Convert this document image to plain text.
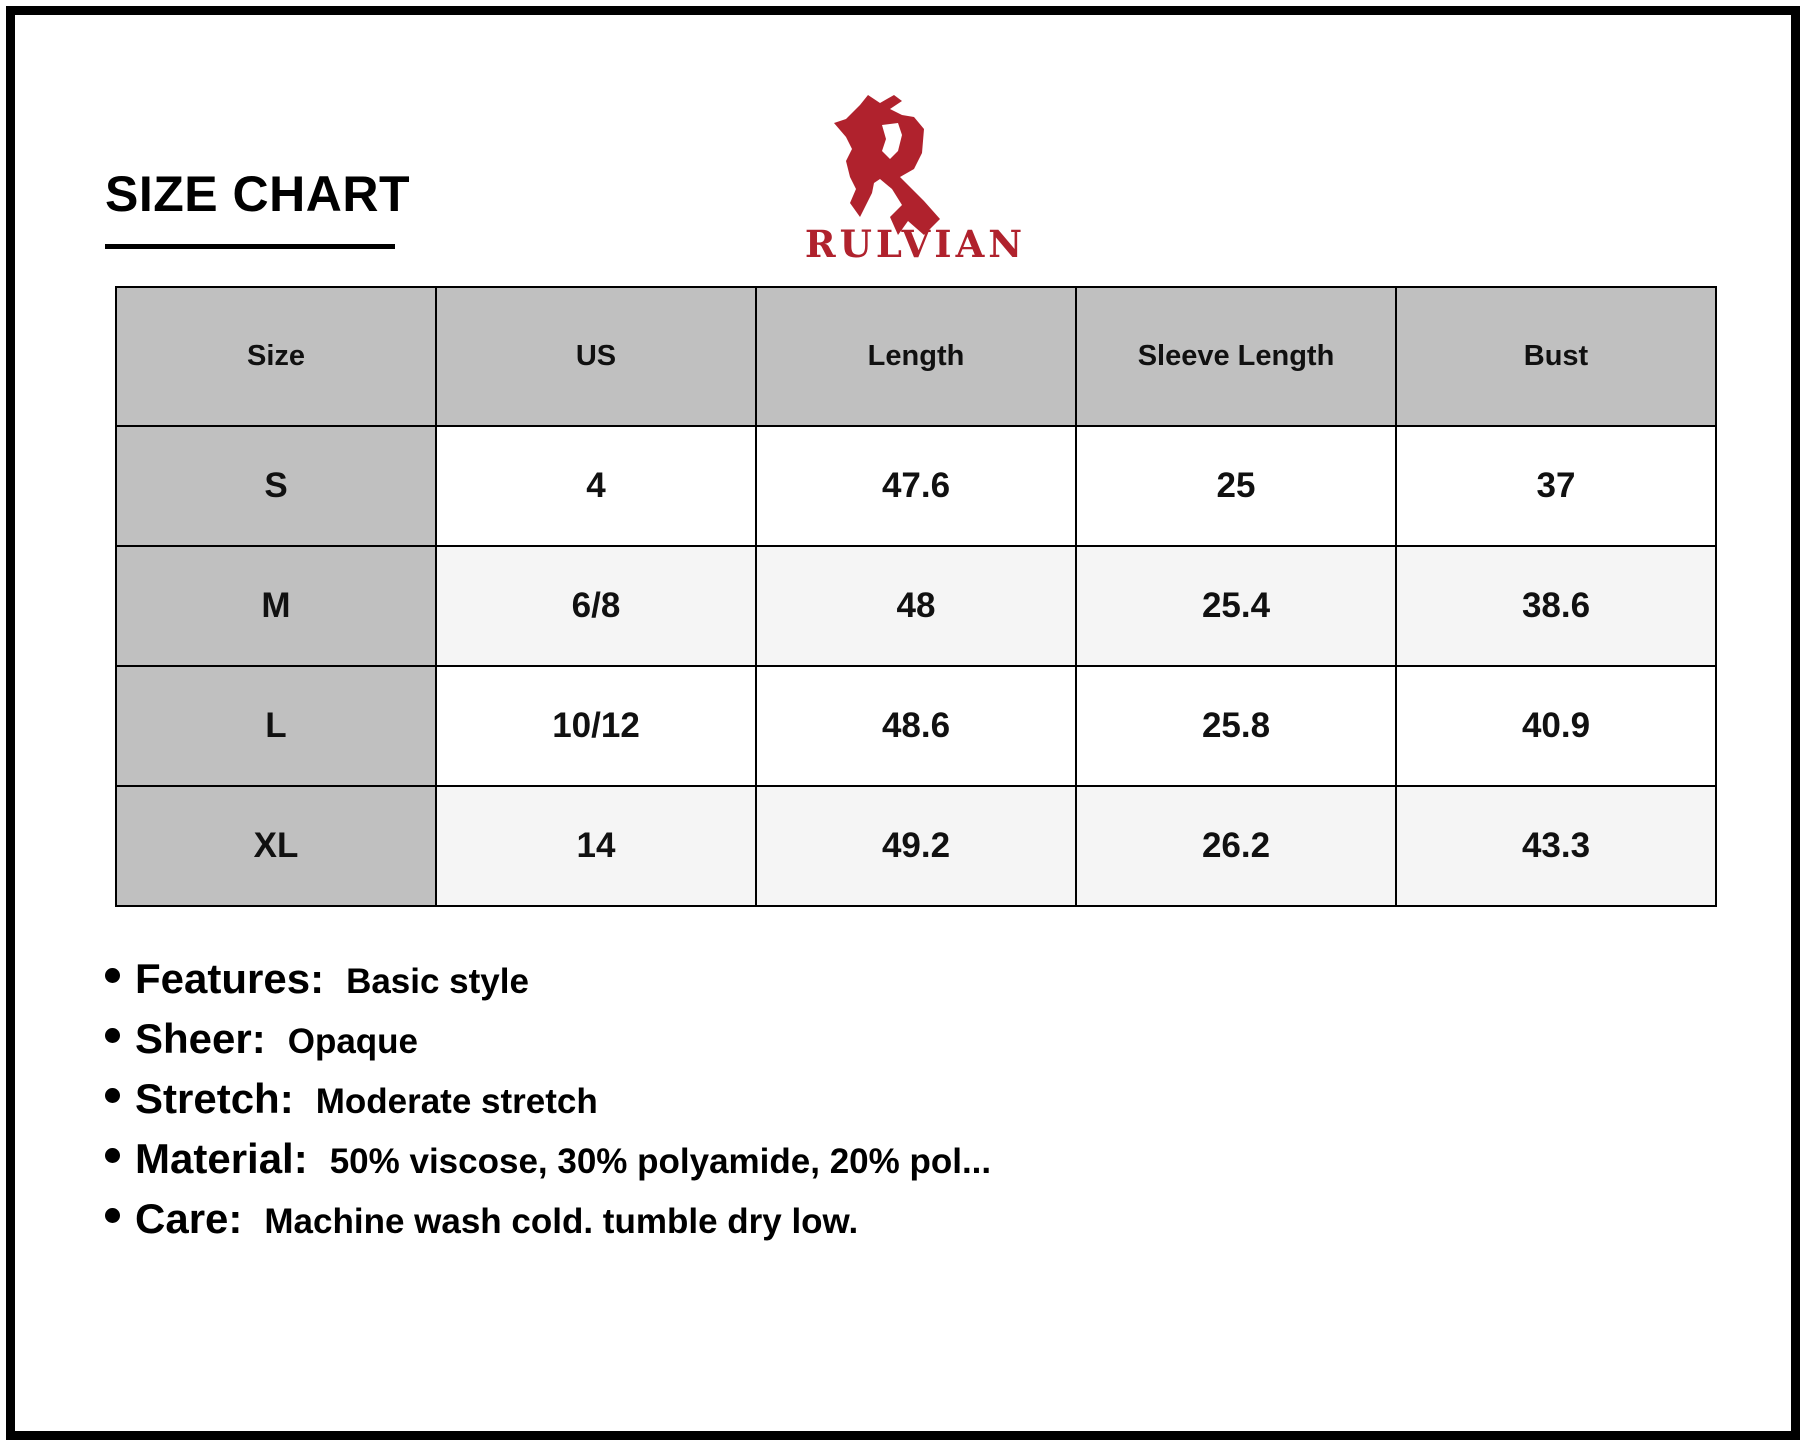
SIZE CHART
RULVIAN
Size	US	Length	Sleeve Length	Bust
S	4	47.6	25	37
M	6/8	48	25.4	38.6
L	10/12	48.6	25.8	40.9
XL	14	49.2	26.2	43.3
Features: Basic style
Sheer: Opaque
Stretch: Moderate stretch
Material: 50% viscose, 30% polyamide, 20% pol...
Care: Machine wash cold. tumble dry low.
